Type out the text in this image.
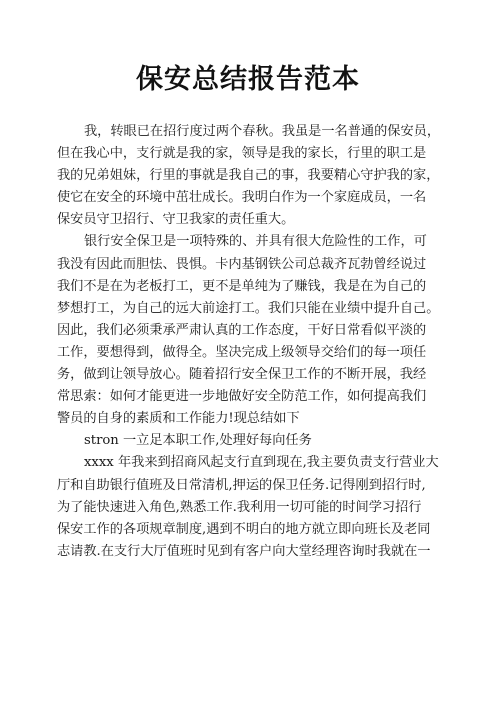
保安总结报告范本
我，转眼已在招行度过两个春秋。我虽是一名普通的保安员，
但在我心中，支行就是我的家，领导是我的家长，行里的职工是
我的兄弟姐妹，行里的事就是我自己的事，我要精心守护我的家，
使它在安全的环境中茁壮成长。我明白作为一个家庭成员，一名
保安员守卫招行、守卫我家的责任重大。
银行安全保卫是一项特殊的、并具有很大危险性的工作，可
我没有因此而胆怯、畏惧。卡内基钢铁公司总裁齐瓦勃曾经说过
我们不是在为老板打工，更不是单纯为了赚钱，我是在为自己的
梦想打工，为自己的远大前途打工。我们只能在业绩中提升自己。
因此，我们必须秉承严肃认真的工作态度，干好日常看似平淡的
工作，要想得到，做得全。坚决完成上级领导交给们的每一项任
务，做到让领导放心。随着招行安全保卫工作的不断开展，我经
常思索：如何才能更进一步地做好安全防范工作，如何提高我们
警员的自身的素质和工作能力!现总结如下
stron 一立足本职工作,处理好每向任务
xxxx 年我来到招商风起支行直到现在,我主要负责支行营业大
厅和自助银行值班及日常清机,押运的保卫任务.记得刚到招行时,
为了能快速进入角色,熟悉工作.我利用一切可能的时间学习招行
保安工作的各项规章制度,遇到不明白的地方就立即向班长及老同
志请教.在支行大厅值班时见到有客户向大堂经理咨询时我就在一
